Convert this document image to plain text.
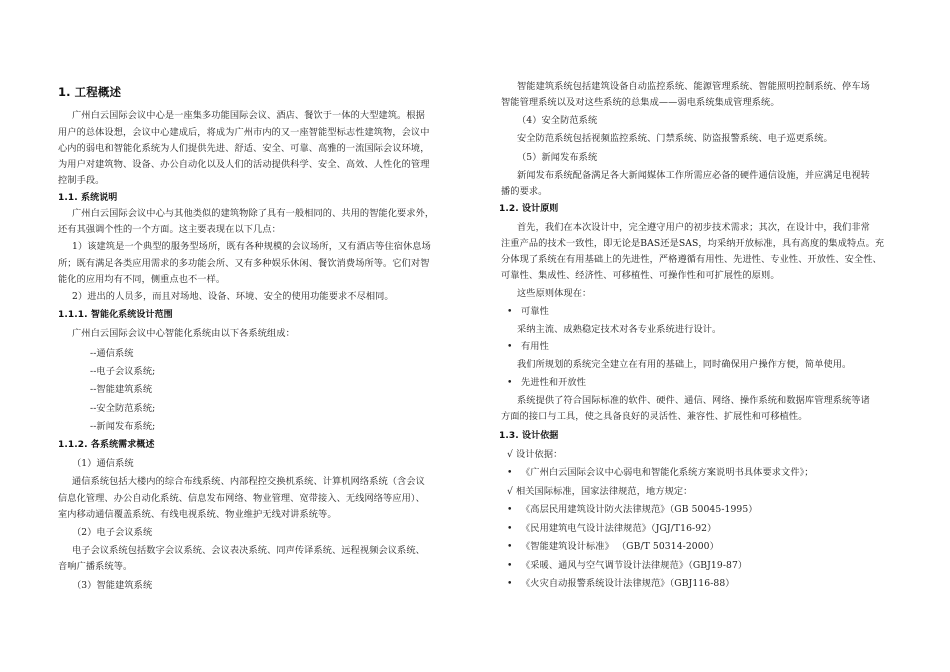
1. 工程概述
广州白云国际会议中心是一座集多功能国际会议、酒店、餐饮于一体的大型建筑。根据
用户的总体设想，会议中心建成后，将成为广州市内的又一座智能型标志性建筑物，会议中
心内的弱电和智能化系统为人们提供先进、舒适、安全、可靠、高雅的一流国际会议环境，
为用户对建筑物、设备、办公自动化以及人们的活动提供科学、安全、高效、人性化的管理
控制手段。
1.1. 系统说明
广州白云国际会议中心与其他类似的建筑物除了具有一般相同的、共用的智能化要求外，
还有其强调个性的一个方面。这主要表现在以下几点：
1）该建筑是一个典型的服务型场所，既有各种规模的会议场所，又有酒店等住宿休息场
所；既有满足各类应用需求的多功能会所、又有多种娱乐休闲、餐饮消费场所等。它们对智
能化的应用均有不同，侧重点也不一样。
2）进出的人员多，而且对场地、设备、环境、安全的使用功能要求不尽相同。
1.1.1. 智能化系统设计范围
广州白云国际会议中心智能化系统由以下各系统组成：
--通信系统
--电子会议系统;
--智能建筑系统
--安全防范系统;
--新闻发布系统;
1.1.2. 各系统需求概述
（1）通信系统
通信系统包括大楼内的综合布线系统、内部程控交换机系统、计算机网络系统（含会议
信息化管理、办公自动化系统、信息发布网络、物业管理、宽带接入、无线网络等应用）、
室内移动通信覆盖系统、有线电视系统、物业维护无线对讲系统等。
（2）电子会议系统
电子会议系统包括数字会议系统、会议表决系统、同声传译系统、远程视频会议系统、
音响广播系统等。
（3）智能建筑系统
智能建筑系统包括建筑设备自动监控系统、能源管理系统、智能照明控制系统、停车场
智能管理系统以及对这些系统的总集成——弱电系统集成管理系统。
（4）安全防范系统
安全防范系统包括视频监控系统、门禁系统、防盗报警系统、电子巡更系统。
（5）新闻发布系统
新闻发布系统配备满足各大新闻媒体工作所需应必备的硬件通信设施，并应满足电视转
播的要求。
1.2. 设计原则
首先，我们在本次设计中，完全遵守用户的初步技术需求；其次，在设计中，我们非常
注重产品的技术一致性，即无论是BAS还是SAS，均采纳开放标准，具有高度的集成特点。充
分体现了系统在有用基础上的先进性，严格遵循有用性、先进性、专业性、开放性、安全性、
可靠性、集成性、经济性、可移植性、可操作性和可扩展性的原则。
这些原则体现在：
• 可靠性
采纳主流、成熟稳定技术对各专业系统进行设计。
• 有用性
我们所规划的系统完全建立在有用的基础上，同时确保用户操作方便，简单使用。
• 先进性和开放性
系统提供了符合国际标准的软件、硬件、通信、网络、操作系统和数据库管理系统等诸
方面的接口与工具，使之具备良好的灵活性、兼容性、扩展性和可移植性。
1.3. 设计依据
√ 设计依据：
• 《广州白云国际会议中心弱电和智能化系统方案说明书具体要求文件》；
√ 相关国际标准，国家法律规范，地方规定：
• 《高层民用建筑设计防火法律规范》（GB 50045-1995）
• 《民用建筑电气设计法律规范》（JGJ/T16-92）
• 《智能建筑设计标准》 （GB/T 50314-2000）
• 《采暖、通风与空气调节设计法律规范》（GBJ19-87）
• 《火灾自动报警系统设计法律规范》（GBJ116-88）
